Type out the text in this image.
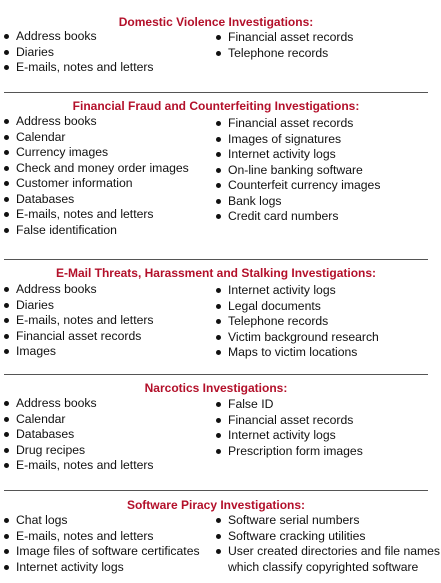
Domestic Violence Investigations:
Address books
Diaries
E-mails, notes and letters
Financial asset records
Telephone records
Financial Fraud and Counterfeiting Investigations:
Address books
Calendar
Currency images
Check and money order images
Customer information
Databases
E-mails, notes and letters
False identification
Financial asset records
Images of signatures
Internet activity logs
On-line banking software
Counterfeit currency images
Bank logs
Credit card numbers
E-Mail Threats, Harassment and Stalking Investigations:
Address books
Diaries
E-mails, notes and letters
Financial asset records
Images
Internet activity logs
Legal documents
Telephone records
Victim background research
Maps to victim locations
Narcotics Investigations:
Address books
Calendar
Databases
Drug recipes
E-mails, notes and letters
False ID
Financial asset records
Internet activity logs
Prescription form images
Software Piracy Investigations:
Chat logs
E-mails, notes and letters
Image files of software certificates
Internet activity logs
Software serial numbers
Software cracking utilities
User created directories and file names
which classify copyrighted software
